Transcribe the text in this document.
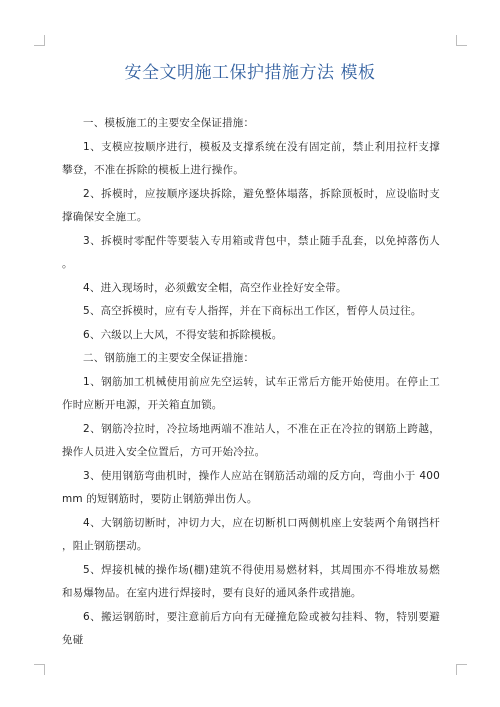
安全文明施工保护措施方法 模板

一、模板施工的主要安全保证措施：

1、支模应按顺序进行，模板及支撑系统在没有固定前，禁止利用拉杆支撑攀登，不准在拆除的模板上进行操作。

2、拆模时，应按顺序逐块拆除，避免整体塌落，拆除顶板时，应设临时支撑确保安全施工。

3、拆模时零配件等要装入专用箱或背包中，禁止随手乱套，以免掉落伤人。

4、进入现场时，必须戴安全帽，高空作业拴好安全带。

5、高空拆模时，应有专人指挥，并在下商标出工作区，暂停人员过往。

6、六级以上大风，不得安装和拆除模板。

二、钢筋施工的主要安全保证措施：

1、钢筋加工机械使用前应先空运转，试车正常后方能开始使用。在停止工作时应断开电源，开关箱直加锁。

2、钢筋冷拉时，冷拉场地两端不准站人，不准在正在冷拉的钢筋上跨越，操作人员进入安全位置后，方可开始冷拉。

3、使用钢筋弯曲机时，操作人应站在钢筋活动端的反方向，弯曲小于 400mm 的短钢筋时，要防止钢筋弹出伤人。

4、大钢筋切断时，冲切力大，应在切断机口两侧机座上安装两个角钢挡杆，阻止钢筋摆动。

5、焊接机械的操作场(棚)建筑不得使用易燃材料，其周围亦不得堆放易燃和易爆物品。在室内进行焊接时，要有良好的通风条件或措施。

6、搬运钢筋时，要注意前后方向有无碰撞危险或被勾挂料、物，特别要避免碰
